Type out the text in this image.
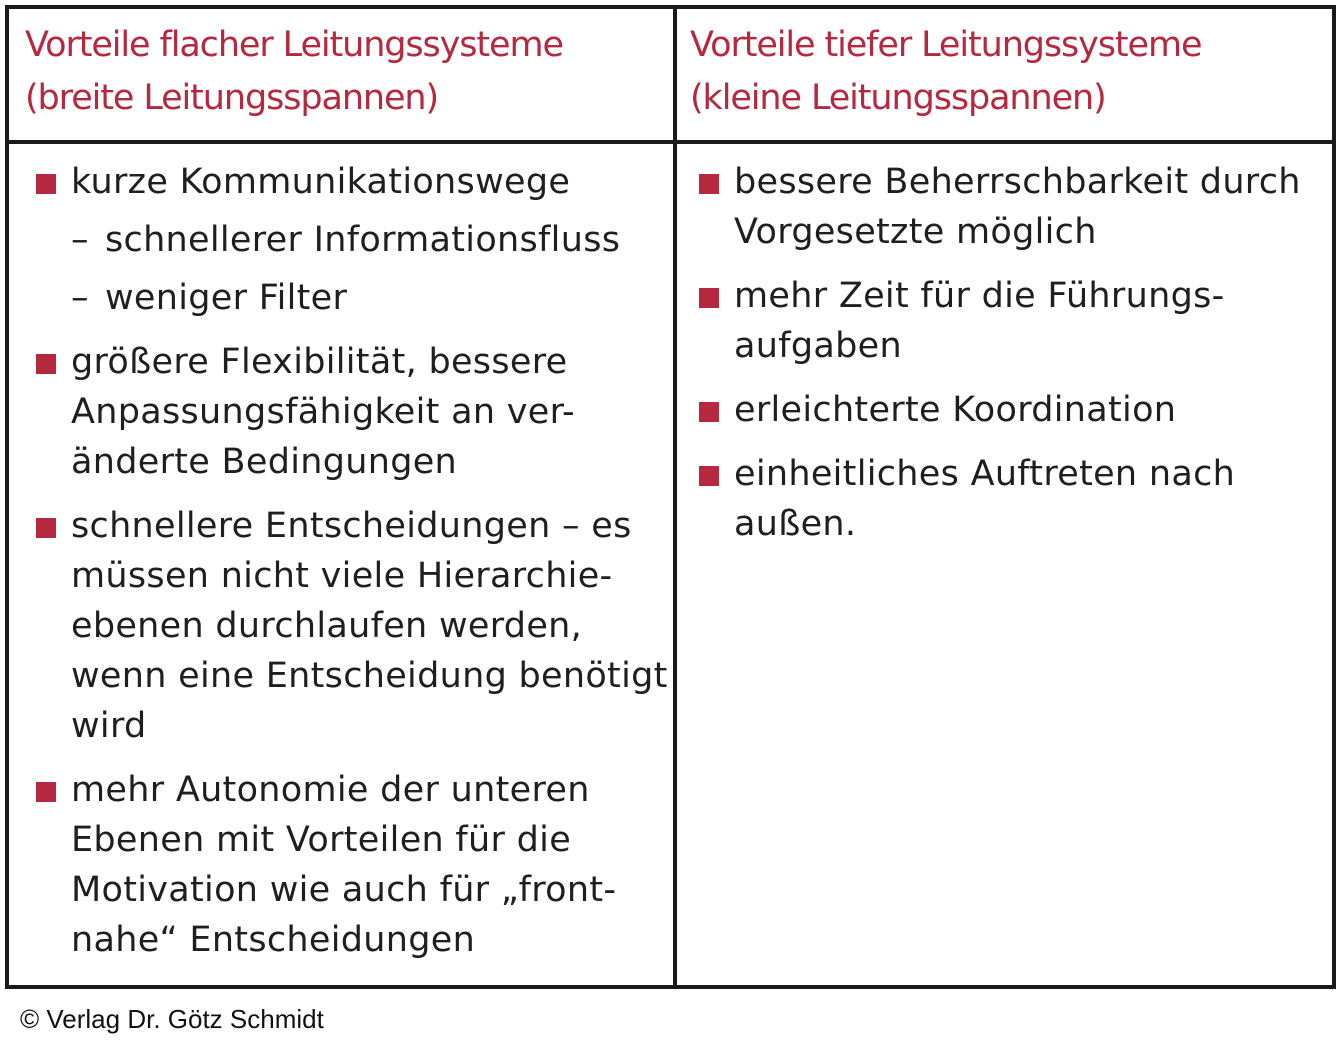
Vorteile flacher Leitungssysteme
(breite Leitungsspannen)
Vorteile tiefer Leitungssysteme
(kleine Leitungsspannen)
kurze Kommunikationswege
– schnellerer Informationsfluss
– weniger Filter
größere Flexibilität, bessere
Anpassungsfähigkeit an ver-
änderte Bedingungen
schnellere Entscheidungen – es
müssen nicht viele Hierarchie-
ebenen durchlaufen werden,
wenn eine Entscheidung benötigt
wird
mehr Autonomie der unteren
Ebenen mit Vorteilen für die
Motivation wie auch für „front-
nahe“ Entscheidungen
bessere Beherrschbarkeit durch
Vorgesetzte möglich
mehr Zeit für die Führungs-
aufgaben
erleichterte Koordination
einheitliches Auftreten nach
außen.
© Verlag Dr. Götz Schmidt
